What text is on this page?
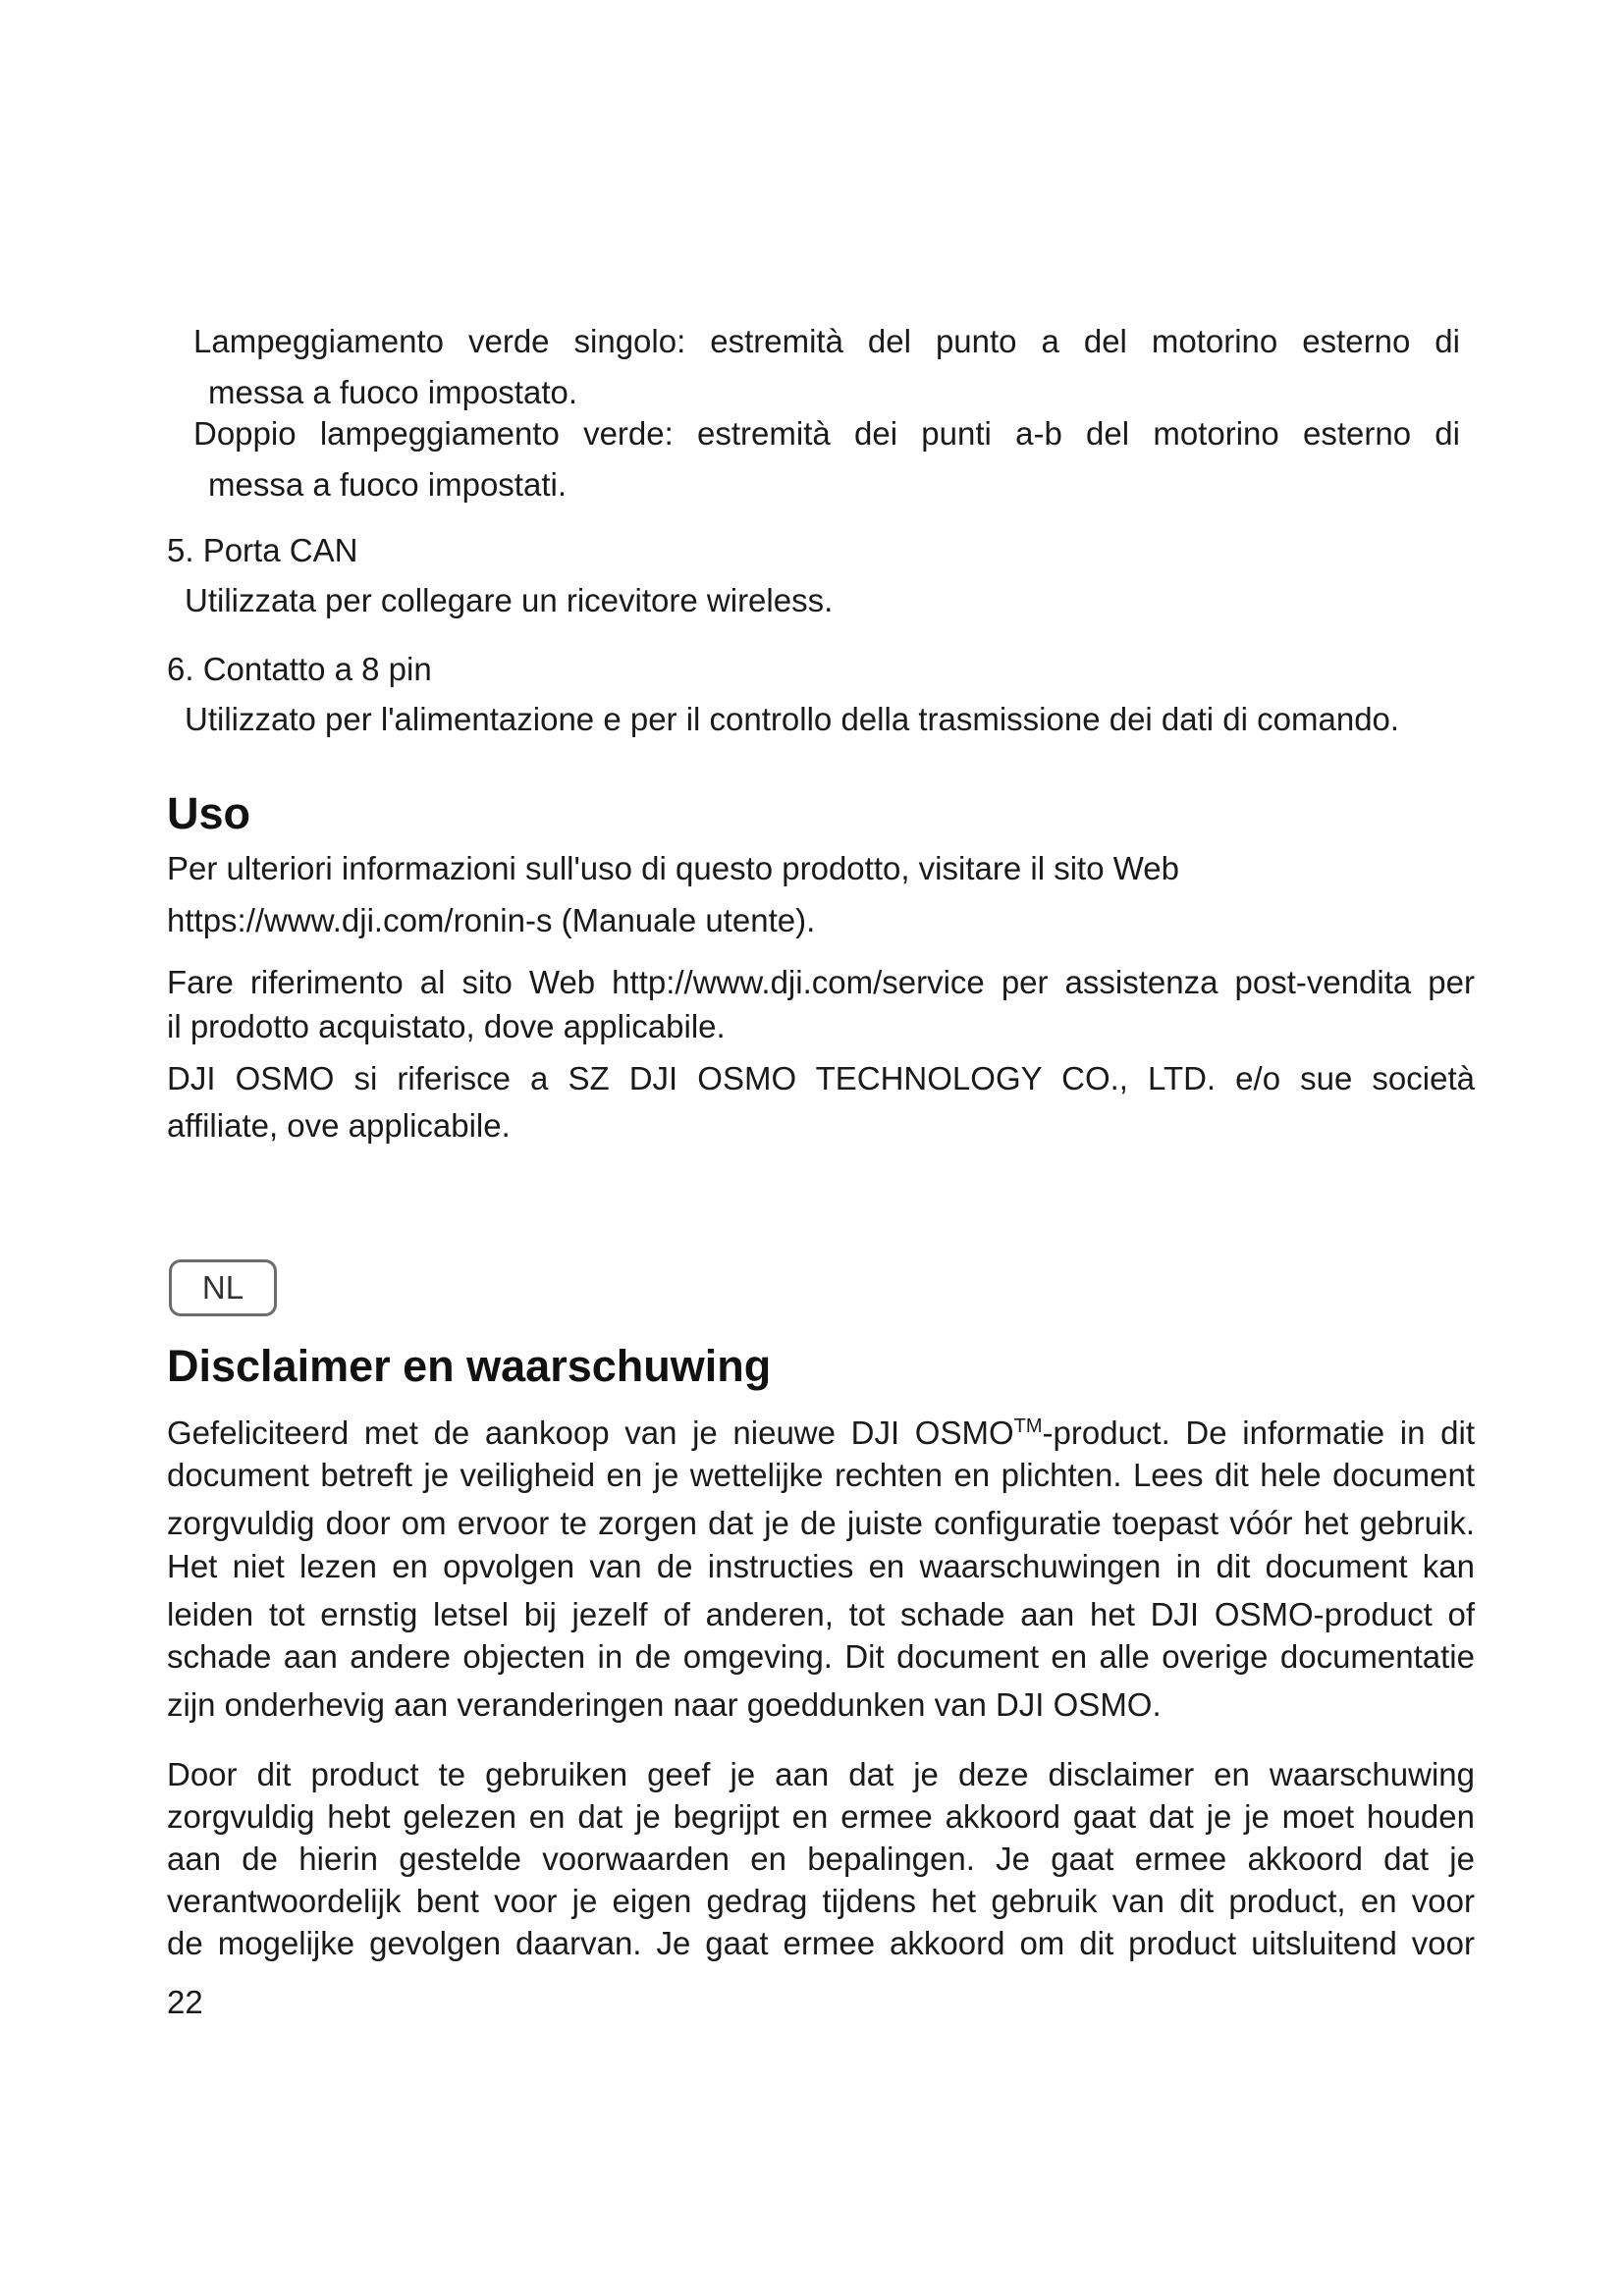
Lampeggiamento verde singolo: estremità del punto a del motorino esterno di
messa a fuoco impostato.
Doppio lampeggiamento verde: estremità dei punti a-b del motorino esterno di
messa a fuoco impostati.
5. Porta CAN
Utilizzata per collegare un ricevitore wireless.
6. Contatto a 8 pin
Utilizzato per l'alimentazione e per il controllo della trasmissione dei dati di comando.
Uso
Per ulteriori informazioni sull'uso di questo prodotto, visitare il sito Web
https://www.dji.com/ronin-s (Manuale utente).
Fare riferimento al sito Web http://www.dji.com/service per assistenza post-vendita per
il prodotto acquistato, dove applicabile.
DJI OSMO si riferisce a SZ DJI OSMO TECHNOLOGY CO., LTD. e/o sue società
affiliate, ove applicabile.
NL
Disclaimer en waarschuwing
Gefeliciteerd met de aankoop van je nieuwe DJI OSMO™-product. De informatie in dit
document betreft je veiligheid en je wettelijke rechten en plichten. Lees dit hele document
zorgvuldig door om ervoor te zorgen dat je de juiste configuratie toepast vóór het gebruik.
Het niet lezen en opvolgen van de instructies en waarschuwingen in dit document kan
leiden tot ernstig letsel bij jezelf of anderen, tot schade aan het DJI OSMO-product of
schade aan andere objecten in de omgeving. Dit document en alle overige documentatie
zijn onderhevig aan veranderingen naar goeddunken van DJI OSMO.
Door dit product te gebruiken geef je aan dat je deze disclaimer en waarschuwing
zorgvuldig hebt gelezen en dat je begrijpt en ermee akkoord gaat dat je je moet houden
aan de hierin gestelde voorwaarden en bepalingen. Je gaat ermee akkoord dat je
verantwoordelijk bent voor je eigen gedrag tijdens het gebruik van dit product, en voor
de mogelijke gevolgen daarvan. Je gaat ermee akkoord om dit product uitsluitend voor
22
